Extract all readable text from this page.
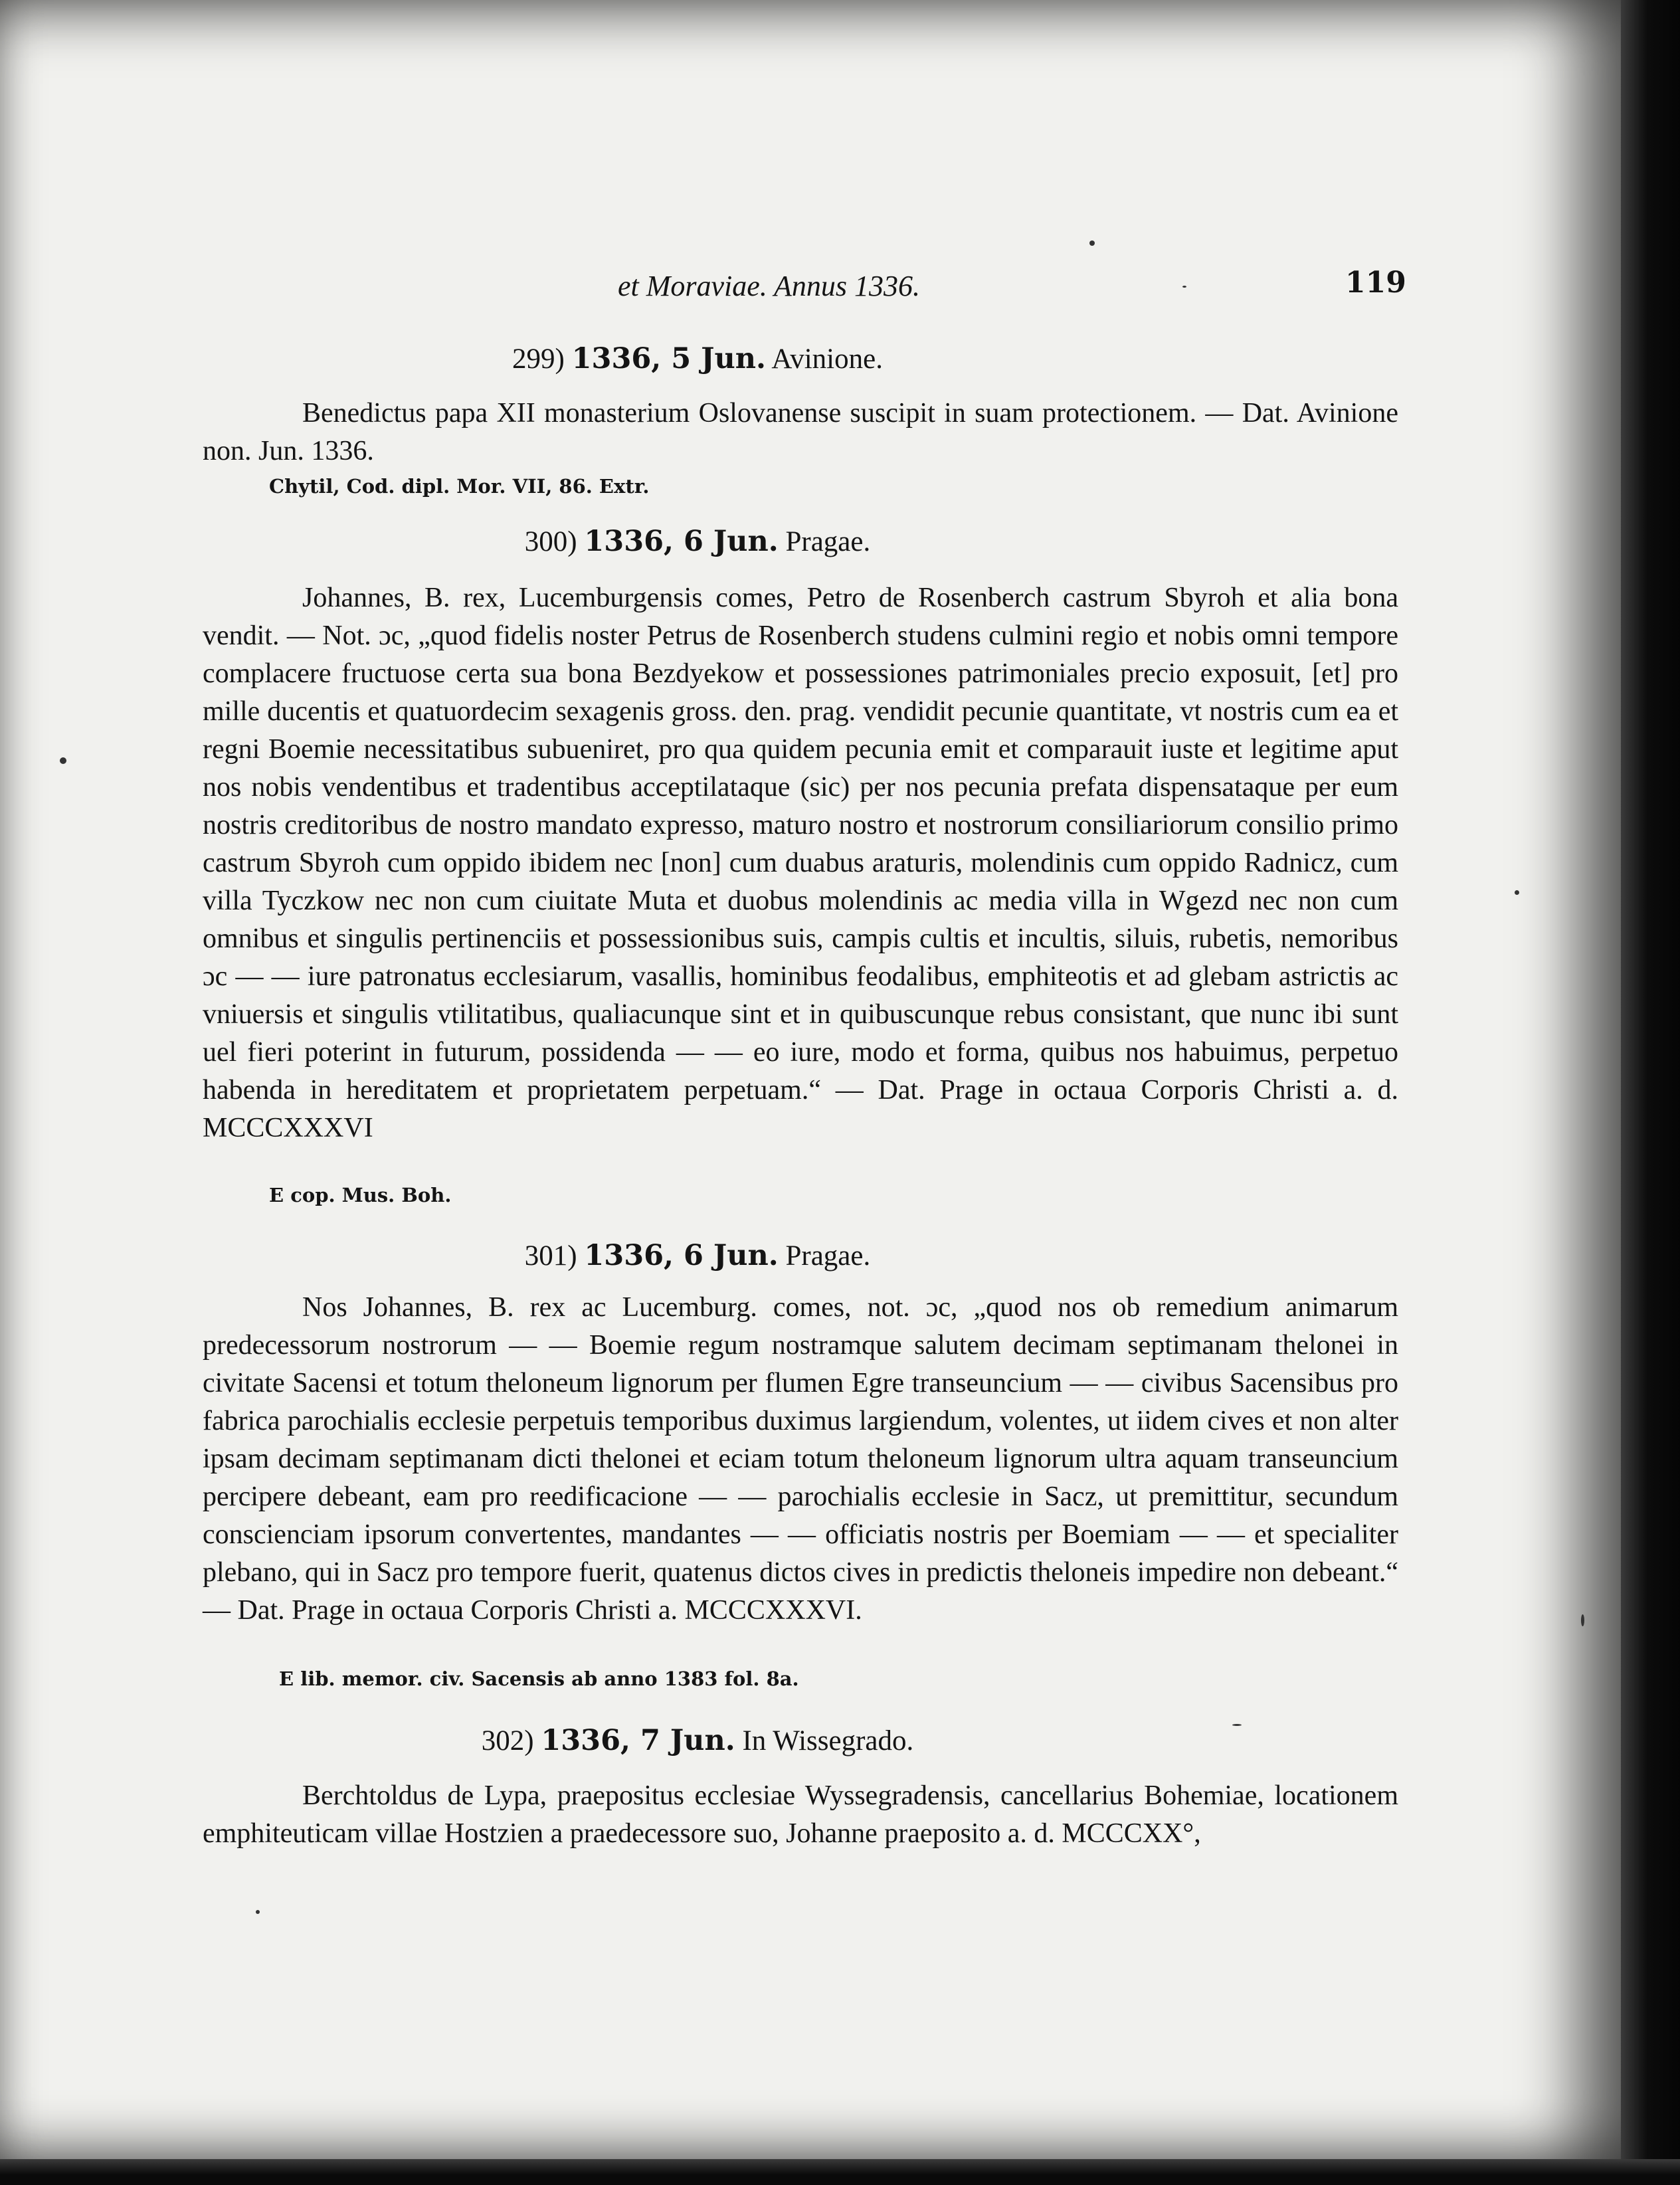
et Moraviae. Annus 1336.	119
299) 1336, 5 Jun. Avinione.

Benedictus papa XII monasterium Oslovanense suscipit in suam protectionem. — Dat. Avinione non. Jun. 1336.

Chytil, Cod. dipl. Mor. VII, 86. Extr.
300) 1336, 6 Jun. Pragae.

Johannes, B. rex, Lucemburgensis comes, Petro de Rosenberch castrum Sbyroh et alia bona vendit. — Not. ɔc, „quod fidelis noster Petrus de Rosenberch studens culmini regio et nobis omni tempore complacere fructuose certa sua bona Bezdyekow et possessiones patrimoniales precio exposuit, [et] pro mille ducentis et quatuordecim sexagenis gross. den. prag. vendidit pecunie quantitate, vt nostris cum ea et regni Boemie necessitatibus subueniret, pro qua quidem pecunia emit et comparauit iuste et legitime aput nos nobis vendentibus et tradentibus acceptilataque (sic) per nos pecunia prefata dispensataque per eum nostris creditoribus de nostro mandato expresso, maturo nostro et nostrorum consiliariorum consilio primo castrum Sbyroh cum oppido ibidem nec [non] cum duabus araturis, molendinis cum oppido Radnicz, cum villa Tyczkow nec non cum ciuitate Muta et duobus molendinis ac media villa in Wgezd nec non cum omnibus et singulis pertinenciis et possessionibus suis, campis cultis et incultis, siluis, rubetis, nemoribus ɔc — — iure patronatus ecclesiarum, vasallis, hominibus feodalibus, emphiteotis et ad glebam astrictis ac vniuersis et singulis vtilitatibus, qualiacunque sint et in quibuscunque rebus consistant, que nunc ibi sunt uel fieri poterint in futurum, possidenda — — eo iure, modo et forma, quibus nos habuimus, perpetuo habenda in hereditatem et proprietatem perpetuam.“ — Dat. Prage in octaua Corporis Christi a. d. MCCCXXXVI

E cop. Mus. Boh.
301) 1336, 6 Jun. Pragae.

Nos Johannes, B. rex ac Lucemburg. comes, not. ɔc, „quod nos ob remedium animarum predecessorum nostrorum — — Boemie regum nostramque salutem decimam septimanam thelonei in civitate Sacensi et totum theloneum lignorum per flumen Egre transeuncium — — civibus Sacensibus pro fabrica parochialis ecclesie perpetuis temporibus duximus largiendum, volentes, ut iidem cives et non alter ipsam decimam septimanam dicti thelonei et eciam totum theloneum lignorum ultra aquam transeuncium percipere debeant, eam pro reedificacione — — parochialis ecclesie in Sacz, ut premittitur, secundum conscienciam ipsorum convertentes, mandantes — — officiatis nostris per Boemiam — — et specialiter plebano, qui in Sacz pro tempore fuerit, quatenus dictos cives in predictis theloneis impedire non debeant.“ — Dat. Prage in octaua Corporis Christi a. MCCCXXXVI.

E lib. memor. civ. Sacensis ab anno 1383 fol. 8a.
302) 1336, 7 Jun. In Wissegrado.

Berchtoldus de Lypa, praepositus ecclesiae Wyssegradensis, cancellarius Bohemiae, locationem emphiteuticam villae Hostzien a praedecessore suo, Johanne praeposito a. d. MCCCXX°,
